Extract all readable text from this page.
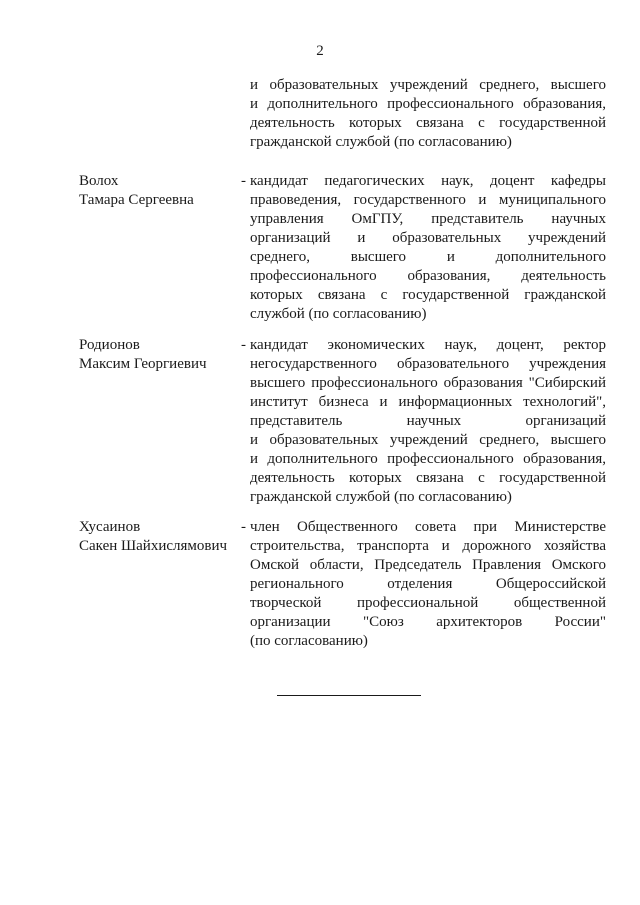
2
и образовательных учреждений среднего, высшего
и дополнительного профессионального образования,
деятельность которых связана с государственной
гражданской службой (по согласованию)
Волох
Тамара Сергеевна
- кандидат педагогических наук, доцент кафедры
правоведения, государственного и муниципального
управления ОмГПУ, представитель научных
организаций и образовательных учреждений
среднего, высшего и дополнительного
профессионального образования, деятельность
которых связана с государственной гражданской
службой (по согласованию)
Родионов
Максим Георгиевич
- кандидат экономических наук, доцент, ректор
негосударственного образовательного учреждения
высшего профессионального образования "Сибирский
институт бизнеса и информационных технологий",
представитель научных организаций
и образовательных учреждений среднего, высшего
и дополнительного профессионального образования,
деятельность которых связана с государственной
гражданской службой (по согласованию)
Хусаинов
Сакен Шайхислямович
- член Общественного совета при Министерстве
строительства, транспорта и дорожного хозяйства
Омской области, Председатель Правления Омского
регионального отделения Общероссийской
творческой профессиональной общественной
организации "Союз архитекторов России"
(по согласованию)
